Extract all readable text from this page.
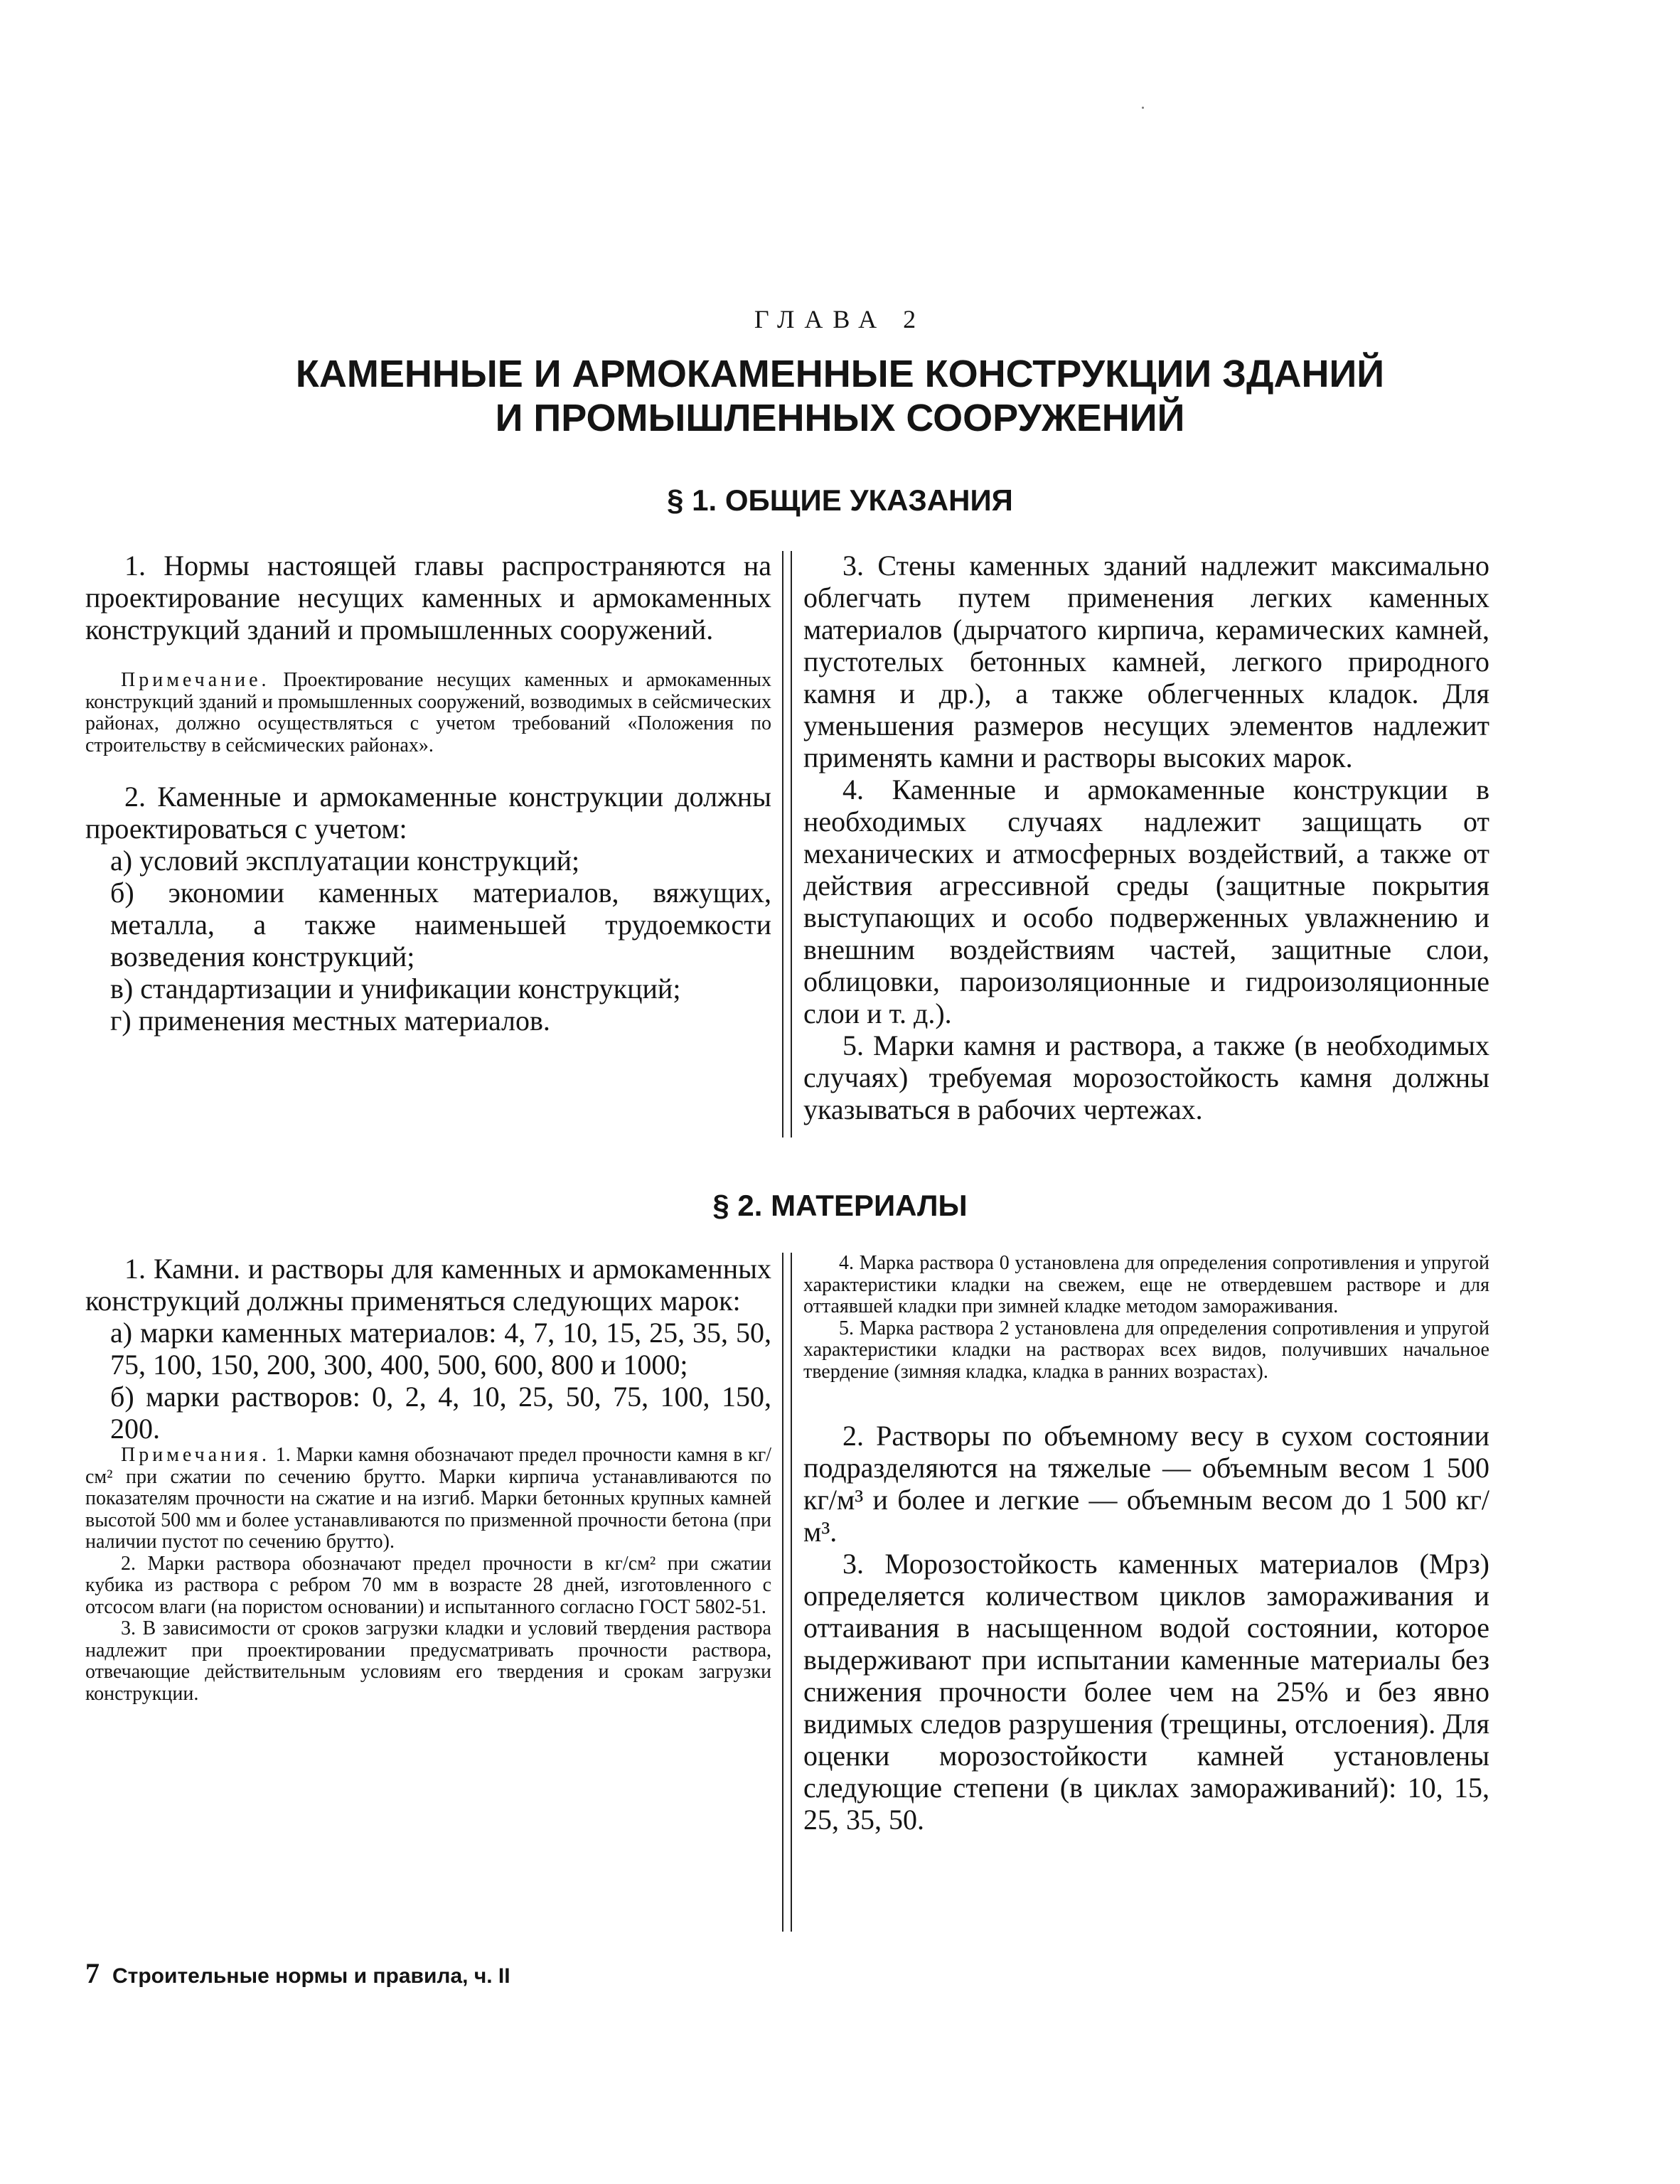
ГЛАВА 2
КАМЕННЫЕ И АРМОКАМЕННЫЕ КОНСТРУКЦИИ ЗДАНИЙ
И ПРОМЫШЛЕННЫХ СООРУЖЕНИЙ
§ 1. ОБЩИЕ УКАЗАНИЯ

1. Нормы настоящей главы распространяются на проектирование несущих каменных и армокаменных конструкций зданий и промышленных сооружений.

Примечание. Проектирование несущих каменных и армокаменных конструкций зданий и промышленных сооружений, возводимых в сейсмических районах, должно осуществляться с учетом требований «Положения по строительству в сейсмических районах».

2. Каменные и армокаменные конструкции должны проектироваться с учетом:

а) условий эксплуатации конструкций;

б) экономии каменных материалов, вяжущих, металла, а также наименьшей трудоемкости возведения конструкций;

в) стандартизации и унификации конструкций;

г) применения местных материалов.

3. Стены каменных зданий надлежит максимально облегчать путем применения легких каменных материалов (дырчатого кирпича, керамических камней, пустотелых бетонных камней, легкого природного камня и др.), а также облегченных кладок. Для уменьшения размеров несущих элементов надлежит применять камни и растворы высоких марок.

4. Каменные и армокаменные конструкции в необходимых случаях надлежит защищать от механических и атмосферных воздействий, а также от действия агрессивной среды (защитные покрытия выступающих и особо подверженных увлажнению и внешним воздействиям частей, защитные слои, облицовки, пароизоляционные и гидроизоляционные слои и т. д.).

5. Марки камня и раствора, а также (в необходимых случаях) требуемая морозостойкость камня должны указываться в рабочих чертежах.

§ 2. МАТЕРИАЛЫ

1. Камни. и растворы для каменных и армокаменных конструкций должны применяться следующих марок:

а) марки каменных материалов: 4, 7, 10, 15, 25, 35, 50, 75, 100, 150, 200, 300, 400, 500, 600, 800 и 1000;

б) марки растворов: 0, 2, 4, 10, 25, 50, 75, 100, 150, 200.

Примечания. 1. Марки камня обозначают предел прочности камня в кг/см² при сжатии по сечению брутто. Марки кирпича устанавливаются по показателям прочности на сжатие и на изгиб. Марки бетонных крупных камней высотой 500 мм и более устанавливаются по призменной прочности бетона (при наличии пустот по сечению брутто).

2. Марки раствора обозначают предел прочности в кг/см² при сжатии кубика из раствора с ребром 70 мм в возрасте 28 дней, изготовленного с отсосом влаги (на пористом основании) и испытанного согласно ГОСТ 5802-51.

3. В зависимости от сроков загрузки кладки и условий твердения раствора надлежит при проектировании предусматривать прочности раствора, отвечающие действительным условиям его твердения и срокам загрузки конструкции.

4. Марка раствора 0 установлена для определения сопротивления и упругой характеристики кладки на свежем, еще не отвердевшем растворе и для оттаявшей кладки при зимней кладке методом замораживания.

5. Марка раствора 2 установлена для определения сопротивления и упругой характеристики кладки на растворах всех видов, получивших начальное твердение (зимняя кладка, кладка в ранних возрастах).

2. Растворы по объемному весу в сухом состоянии подразделяются на тяжелые — объемным весом 1 500 кг/м³ и более и легкие — объемным весом до 1 500 кг/м³.

3. Морозостойкость каменных материалов (Мрз) определяется количеством циклов замораживания и оттаивания в насыщенном водой состоянии, которое выдерживают при испытании каменные материалы без снижения прочности более чем на 25% и без явно видимых следов разрушения (трещины, отслоения). Для оценки морозостойкости камней установлены следующие степени (в циклах замораживаний): 10, 15, 25, 35, 50.

7 Строительные нормы и правила, ч. II
